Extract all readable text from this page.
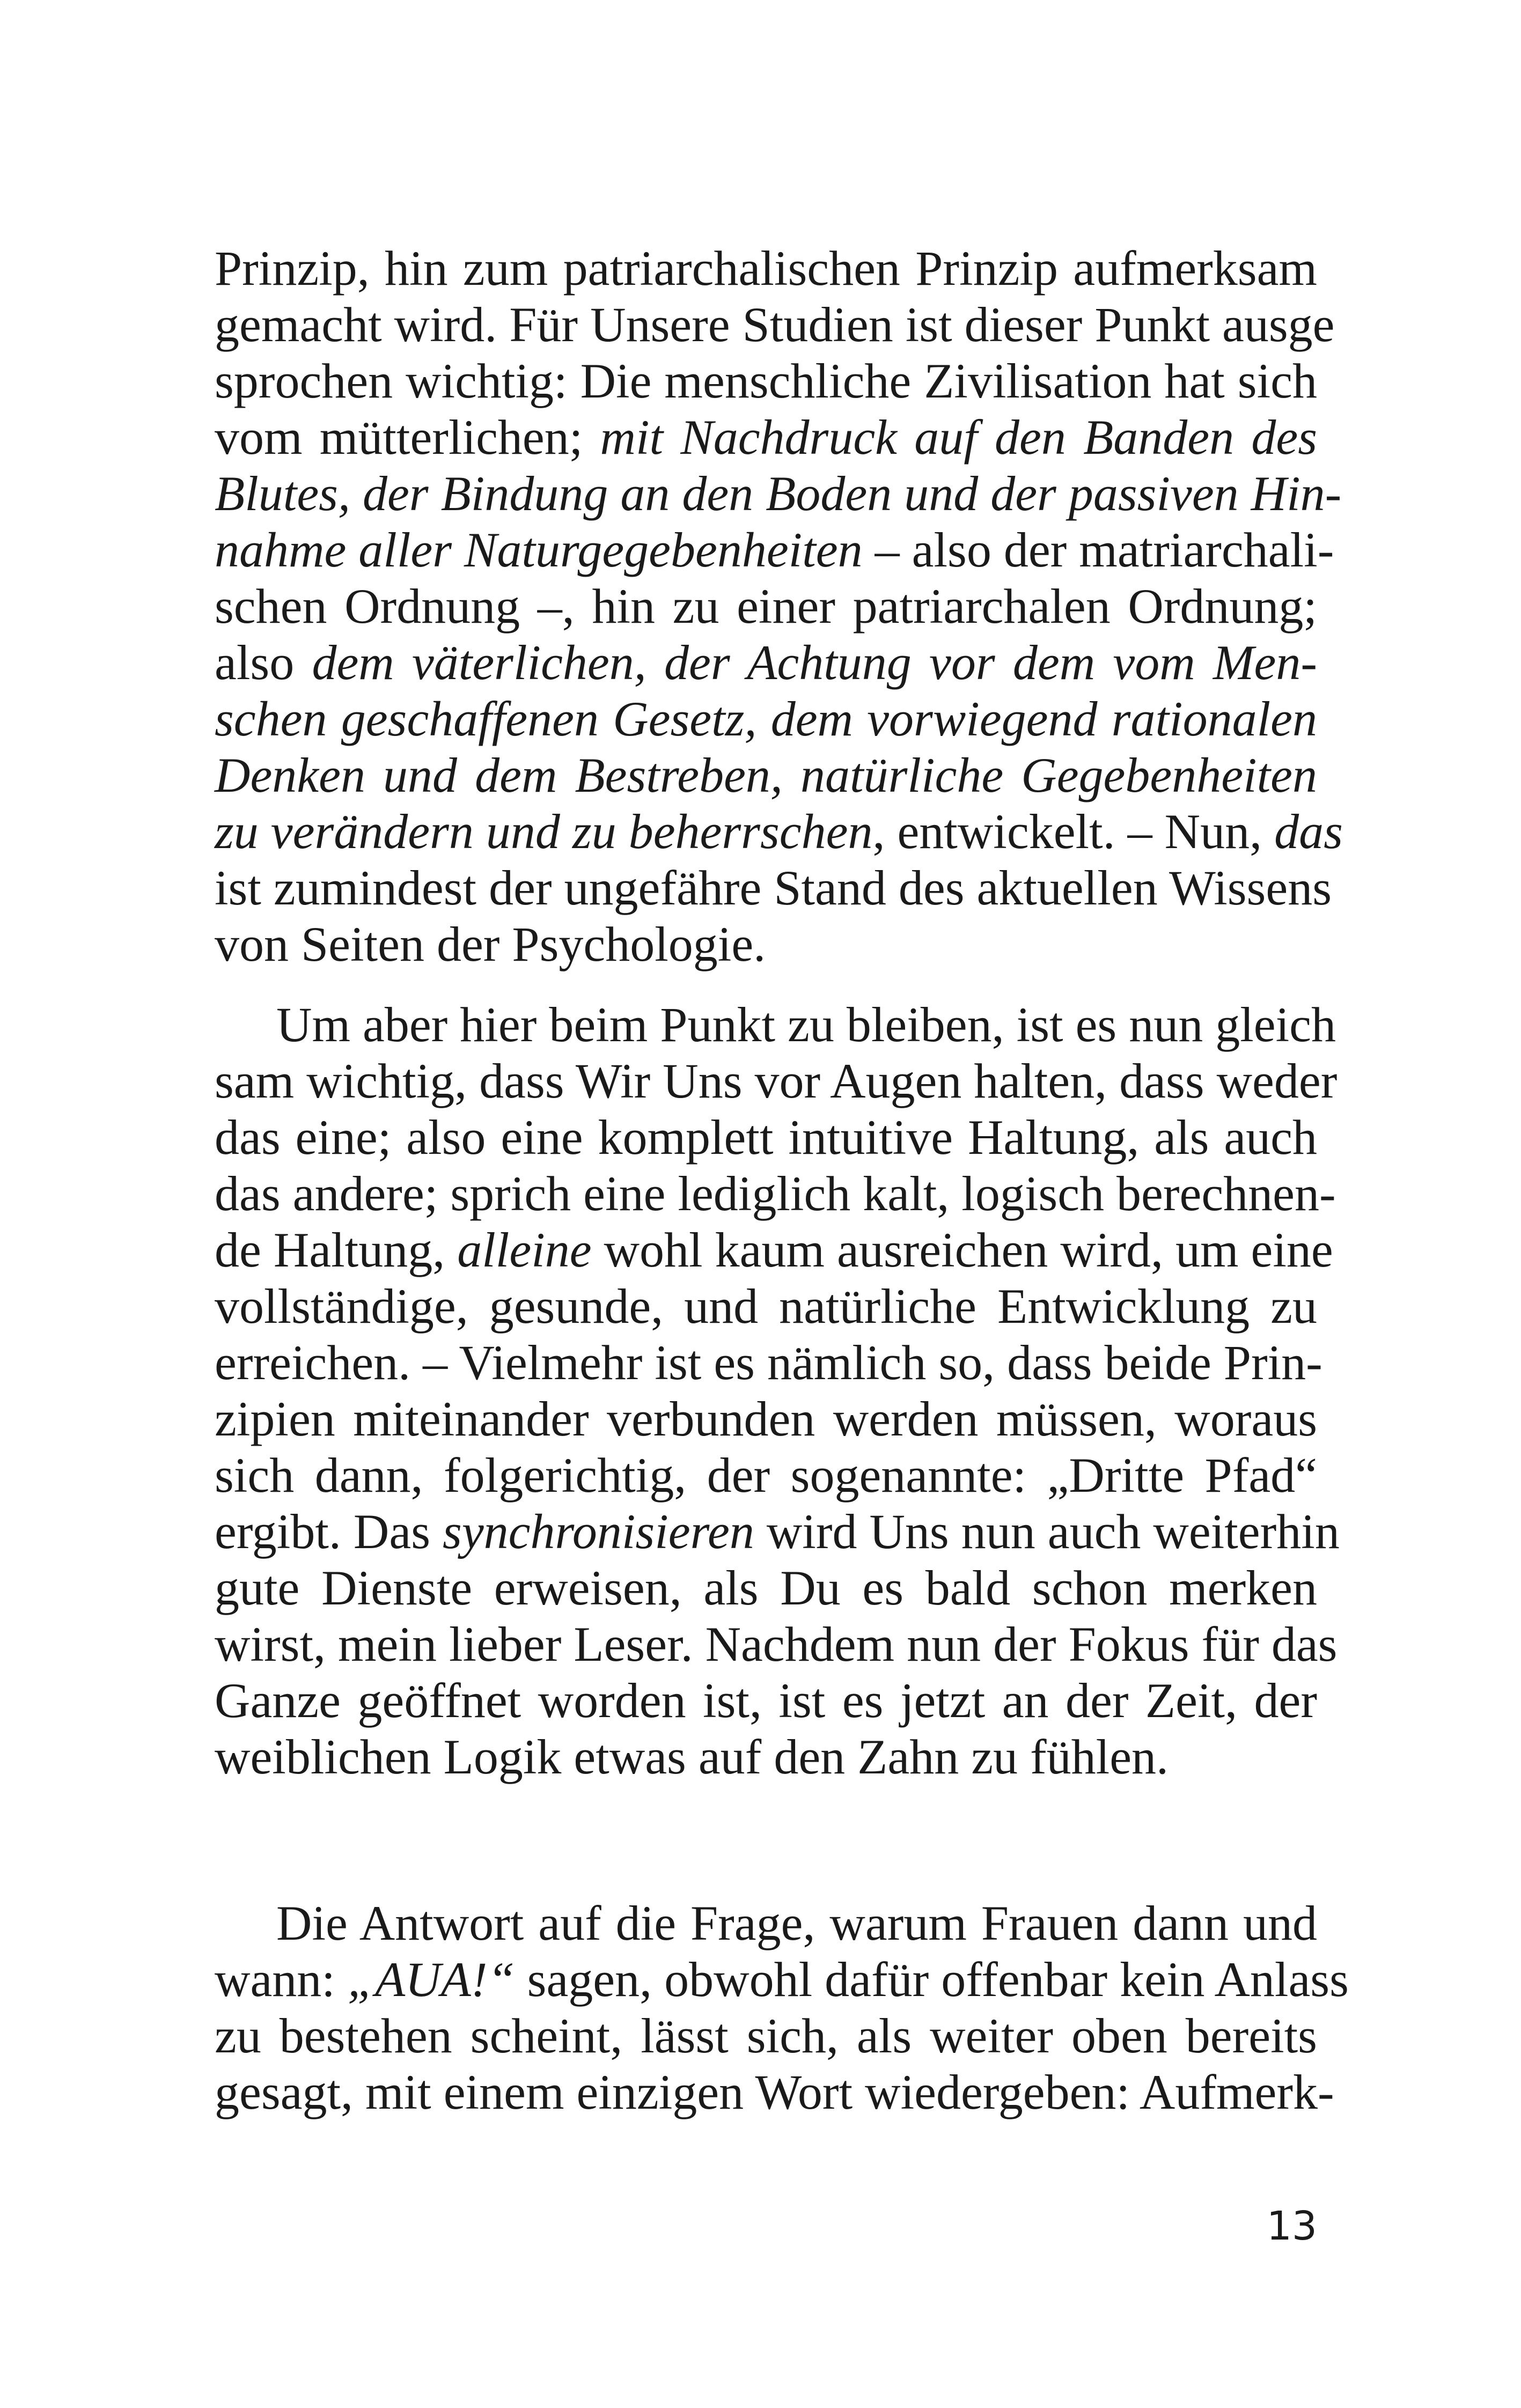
Prinzip, hin zum patriarchalischen Prinzip aufmerksam
gemacht wird. Für Unsere Studien ist dieser Punkt ausge
sprochen wichtig: Die menschliche Zivilisation hat sich
vom mütterlichen; mit Nachdruck auf den Banden des
Blutes, der Bindung an den Boden und der passiven Hin-
nahme aller Naturgegebenheiten – also der matriarchali-
schen Ordnung –, hin zu einer patriarchalen Ordnung;
also dem väterlichen, der Achtung vor dem vom Men-
schen geschaffenen Gesetz, dem vorwiegend rationalen
Denken und dem Bestreben, natürliche Gegebenheiten
zu verändern und zu beherrschen, entwickelt. – Nun, das
ist zumindest der ungefähre Stand des aktuellen Wissens
von Seiten der Psychologie.
Um aber hier beim Punkt zu bleiben, ist es nun gleich
sam wichtig, dass Wir Uns vor Augen halten, dass weder
das eine; also eine komplett intuitive Haltung, als auch
das andere; sprich eine lediglich kalt, logisch berechnen-
de Haltung, alleine wohl kaum ausreichen wird, um eine
vollständige, gesunde, und natürliche Entwicklung zu
erreichen. – Vielmehr ist es nämlich so, dass beide Prin-
zipien miteinander verbunden werden müssen, woraus
sich dann, folgerichtig, der sogenannte: „Dritte Pfad“
ergibt. Das synchronisieren wird Uns nun auch weiterhin
gute Dienste erweisen, als Du es bald schon merken
wirst, mein lieber Leser. Nachdem nun der Fokus für das
Ganze geöffnet worden ist, ist es jetzt an der Zeit, der
weiblichen Logik etwas auf den Zahn zu fühlen.
Die Antwort auf die Frage, warum Frauen dann und
wann: „AUA!“ sagen, obwohl dafür offenbar kein Anlass
zu bestehen scheint, lässt sich, als weiter oben bereits
gesagt, mit einem einzigen Wort wiedergeben: Aufmerk-
13
